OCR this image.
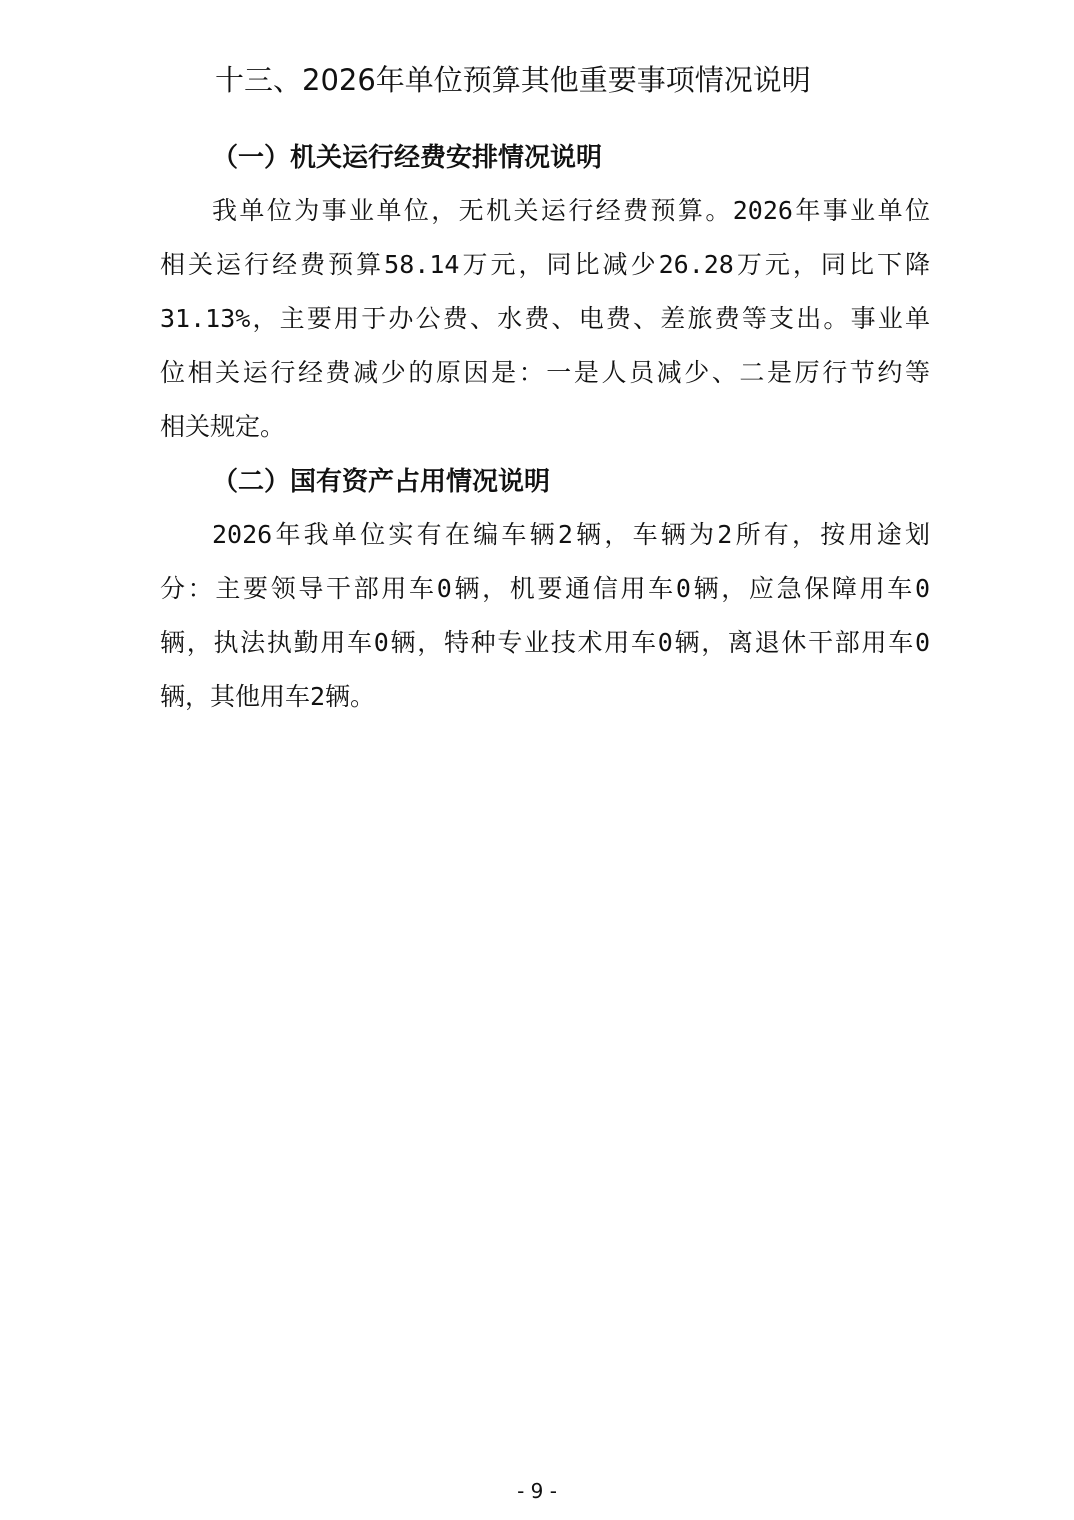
十三、2026年单位预算其他重要事项情况说明
（一）机关运行经费安排情况说明

我单位为事业单位，无机关运行经费预算。2026年事业单位
相关运行经费预算58.14万元，同比减少26.28万元，同比下降
31.13%，主要用于办公费、水费、电费、差旅费等支出。事业单
位相关运行经费减少的原因是：一是人员减少、二是厉行节约等
相关规定。

（二）国有资产占用情况说明

2026年我单位实有在编车辆2辆，车辆为2所有，按用途划
分：主要领导干部用车0辆，机要通信用车0辆，应急保障用车0
辆，执法执勤用车0辆，特种专业技术用车0辆，离退休干部用车0
辆，其他用车2辆。

- 9 -
